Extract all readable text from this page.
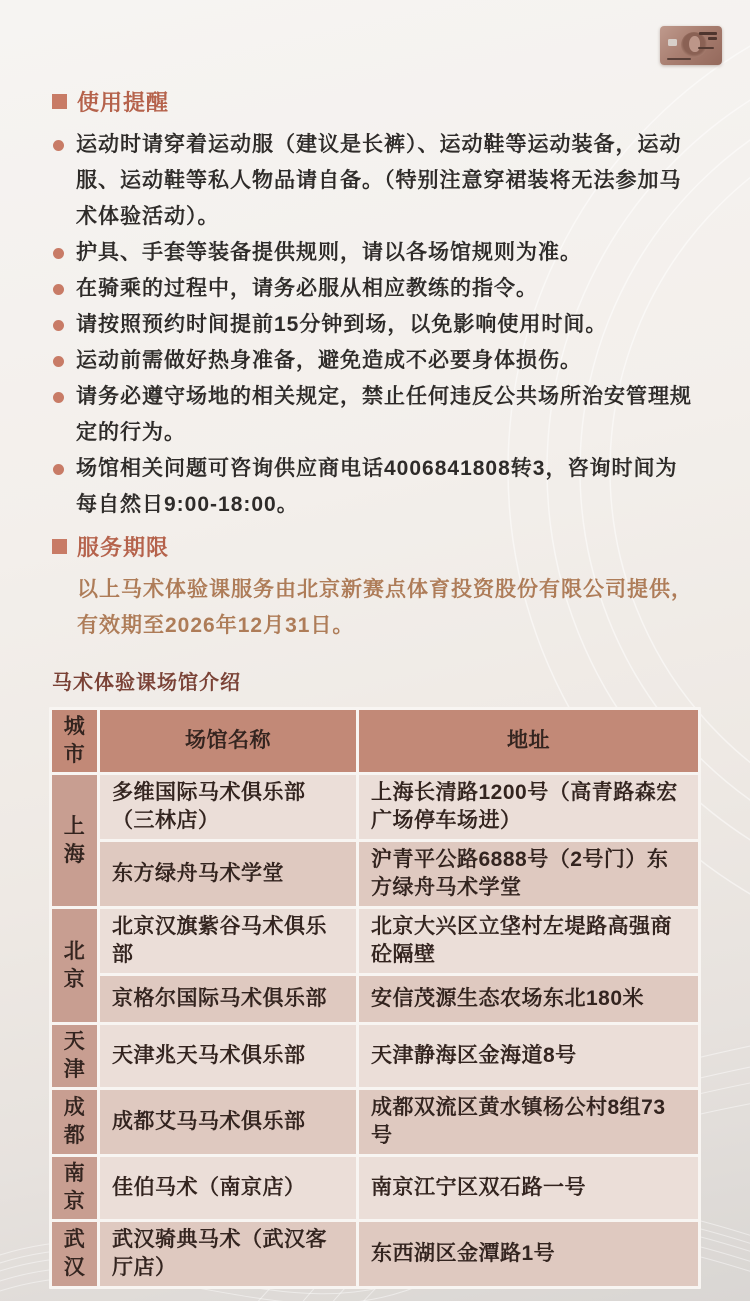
使用提醒
运动时请穿着运动服（建议是长裤）、运动鞋等运动装备，运动服、运动鞋等私人物品请自备。（特别注意穿裙装将无法参加马术体验活动）。
护具、手套等装备提供规则，请以各场馆规则为准。
在骑乘的过程中，请务必服从相应教练的指令。
请按照预约时间提前15分钟到场，以免影响使用时间。
运动前需做好热身准备，避免造成不必要身体损伤。
请务必遵守场地的相关规定，禁止任何违反公共场所治安管理规定的行为。
场馆相关问题可咨询供应商电话4006841808转3，咨询时间为每自然日9:00-18:00。
服务期限

以上马术体验课服务由北京新赛点体育投资股份有限公司提供，有效期至2026年12月31日。

马术体验课场馆介绍
城市	场馆名称	地址
上海	多维国际马术俱乐部（三林店）	上海长清路1200号（高青路森宏广场停车场进）
	东方绿舟马术学堂	沪青平公路6888号（2号门）东方绿舟马术学堂
北京	北京汉旗紫谷马术俱乐部	北京大兴区立垡村左堤路高强商砼隔壁
	京格尔国际马术俱乐部	安信茂源生态农场东北180米
天津	天津兆天马术俱乐部	天津静海区金海道8号
成都	成都艾马马术俱乐部	成都双流区黄水镇杨公村8组73号
南京	佳伯马术（南京店）	南京江宁区双石路一号
武汉	武汉骑典马术（武汉客厅店）	东西湖区金潭路1号
